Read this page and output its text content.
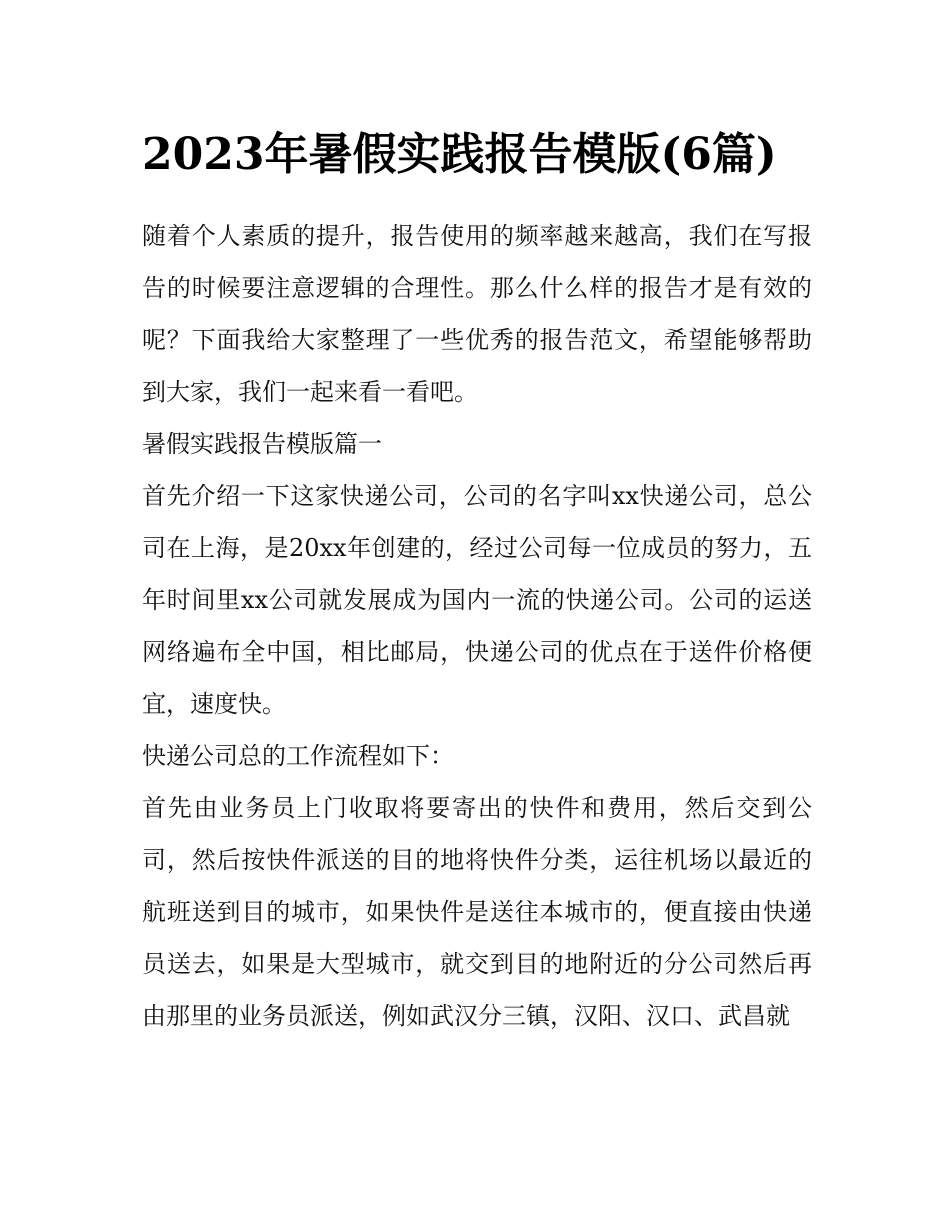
2023年暑假实践报告模版(6篇)

随着个人素质的提升，报告使用的频率越来越高，我们在写报告的时候要注意逻辑的合理性。那么什么样的报告才是有效的呢？下面我给大家整理了一些优秀的报告范文，希望能够帮助到大家，我们一起来看一看吧。

暑假实践报告模版篇一

首先介绍一下这家快递公司，公司的名字叫xx快递公司，总公司在上海，是20xx年创建的，经过公司每一位成员的努力，五年时间里xx公司就发展成为国内一流的快递公司。公司的运送网络遍布全中国，相比邮局，快递公司的优点在于送件价格便宜，速度快。

快递公司总的工作流程如下：

首先由业务员上门收取将要寄出的快件和费用，然后交到公司，然后按快件派送的目的地将快件分类，运往机场以最近的航班送到目的城市，如果快件是送往本城市的，便直接由快递员送去，如果是大型城市，就交到目的地附近的分公司然后再由那里的业务员派送，例如武汉分三镇，汉阳、汉口、武昌就
